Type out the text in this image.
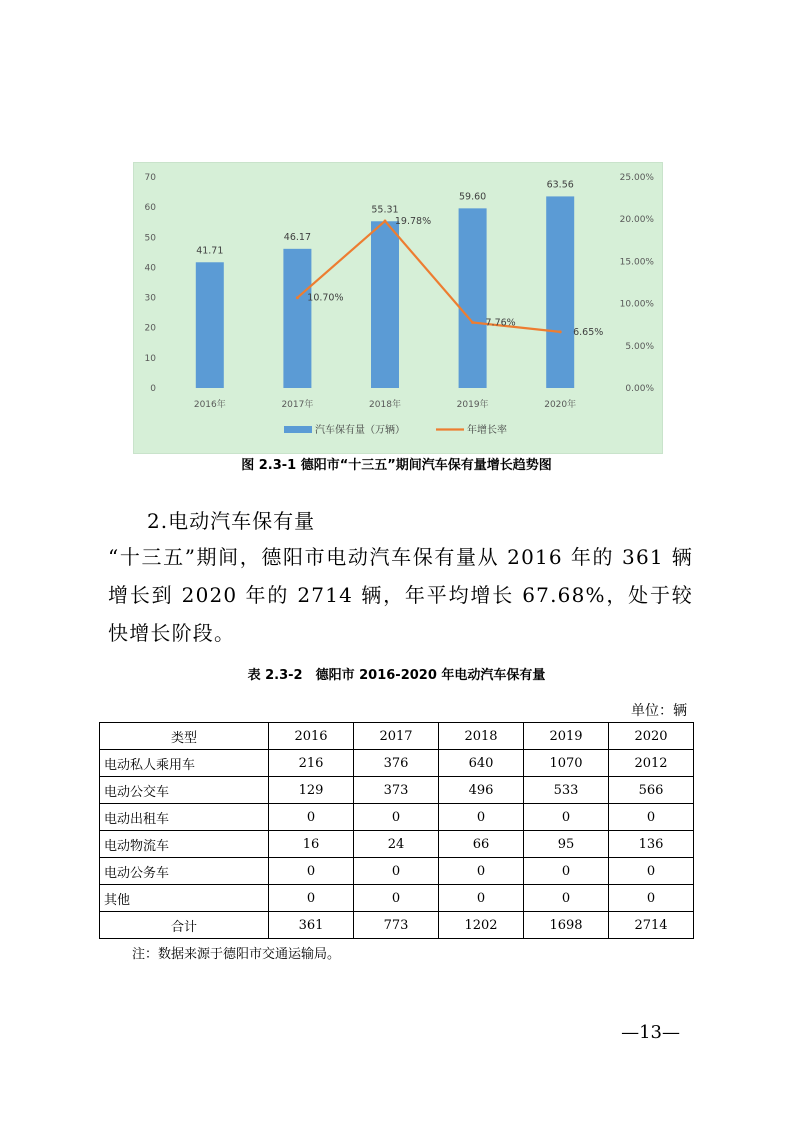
0
10
20
30
40
50
60
70
0.00%
5.00%
10.00%
15.00%
20.00%
25.00%
41.71
46.17
55.31
59.60
63.56
2016年	2017年	2018年	2019年	2020年
10.70%
19.78%
7.76%
6.65%
汽车保有量（万辆）	年增长率
图 2.3-1 德阳市“十三五”期间汽车保有量增长趋势图
2.电动汽车保有量
“十三五”期间，德阳市电动汽车保有量从 2016 年的 361 辆增长到 2020 年的 2714 辆，年平均增长 67.68%，处于较快增长阶段。
表 2.3-2　德阳市 2016-2020 年电动汽车保有量
单位：辆
类型	2016	2017	2018	2019	2020
电动私人乘用车	216	376	640	1070	2012
电动公交车	129	373	496	533	566
电动出租车	0	0	0	0	0
电动物流车	16	24	66	95	136
电动公务车	0	0	0	0	0
其他	0	0	0	0	0
合计	361	773	1202	1698	2714
注：数据来源于德阳市交通运输局。
—13—
